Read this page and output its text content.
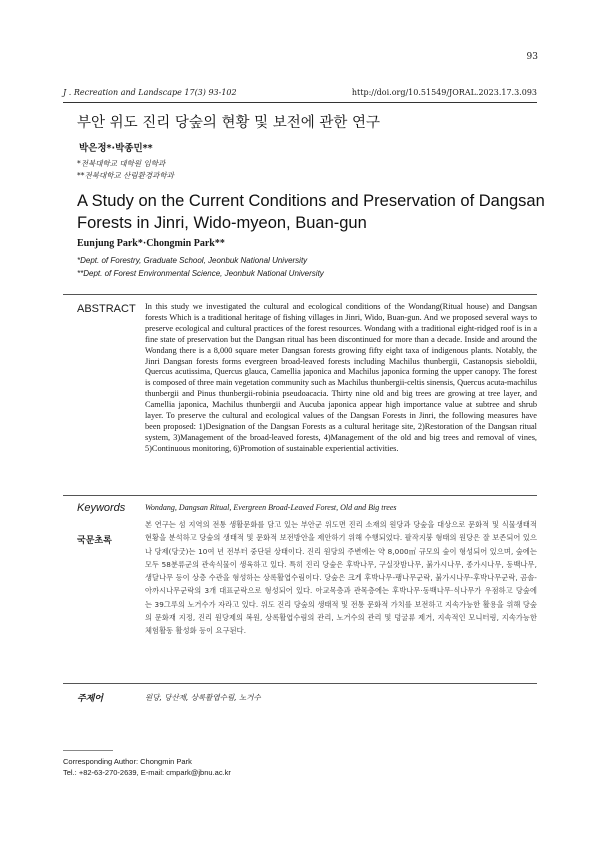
93
J . Recreation and Landscape 17(3) 93-102	http://doi.org/10.51549/JORAL.2023.17.3.093
부안 위도 진리 당숲의 현황 및 보전에 관한 연구
박은정*·박종민**
*전북대학교 대학원 임학과
**전북대학교 산림환경과학과
A Study on the Current Conditions and Preservation of Dangsan
Forests in Jinri, Wido-myeon, Buan-gun
Eunjung Park*·Chongmin Park**
*Dept. of Forestry, Graduate School, Jeonbuk National University
**Dept. of Forest Environmental Science, Jeonbuk National University
ABSTRACT In this study we investigated the cultural and ecological conditions of the Wondang(Ritual house) and Dangsan forests Which is a traditional heritage of fishing villages in Jinri, Wido, Buan-gun. And we proposed several ways to preserve ecological and cultural practices of the forest resources. Wondang with a traditional eight-ridged roof is in a fine state of preservation but the Dangsan ritual has been discontinued for more than a decade. Inside and around the Wondang there is a 8,000 square meter Dangsan forests growing fifty eight taxa of indigenous plants. Notably, the Jinri Dangsan forests forms evergreen broad-leaved forests including Machilus thunbergii, Castanopsis sieboldii, Quercus acutissima, Quercus glauca, Camellia japonica and Machilus japonica forming the upper canopy. The forest is composed of three main vegetation community such as Machilus thunbergii-celtis sinensis, Quercus acuta-machilus thunbergii and Pinus thunbergii-robinia pseudoacacia. Thirty nine old and big trees are growing at tree layer, and Camellia japonica, Machilus thunbergii and Aucuba japonica appear high importance value at subtree and shrub layer. To preserve the cultural and ecological values of the Dangsan Forests in Jinri, the following measures have been proposed: 1)Designation of the Dangsan Forests as a cultural heritage site, 2)Restoration of the Dangsan ritual system, 3)Management of the broad-leaved forests, 4)Management of the old and big trees and removal of vines, 5)Continuous monitoring, 6)Promotion of sustainable experiential activities.
Keywords Wondang, Dangsan Ritual, Evergreen Broad-Leaved Forest, Old and Big trees
국문초록
본 연구는 섬 지역의 전통 생활문화를 담고 있는 부안군 위도면 진리 소재의 원당과 당숲을 대상으로 문화적 및 식물생태적 현황을 분석하고 당숲의 생태적 및 문화적 보전방안을 제안하기 위해 수행되었다. 팔작지붕 형태의 원당은 잘 보존되어 있으나 당제(당굿)는 10여 년 전부터 중단된 상태이다. 진리 원당의 주변에는 약 8,000㎡ 규모의 숲이 형성되어 있으며, 숲에는 모두 58분류군의 관속식물이 생육하고 있다. 특히 진리 당숲은 후박나무, 구실잣밤나무, 붉가시나무, 종가시나무, 동백나무, 생달나무 등이 상층 수관을 형성하는 상록활엽수림이다. 당숲은 크게 후박나무-팽나무군락, 붉가시나무-후박나무군락, 곰솔-아까시나무군락의 3개 대표군락으로 형성되어 있다. 아교목층과 관목층에는 후박나무·동백나무·식나무가 우점하고 당숲에는 39그루의 노거수가 자라고 있다. 위도 진리 당숲의 생태적 및 전통 문화적 가치를 보전하고 지속가능한 활용을 위해 당숲의 문화재 지정, 진리 원당제의 복원, 상록활엽수림의 관리, 노거수의 관리 및 덩굴류 제거, 지속적인 모니터링, 지속가능한 체험활동 활성화 등이 요구된다.
주제어	원당, 당산제, 상록활엽수림, 노거수
Corresponding Author: Chongmin Park
Tel.: +82-63-270-2639, E-mail: cmpark@jbnu.ac.kr
